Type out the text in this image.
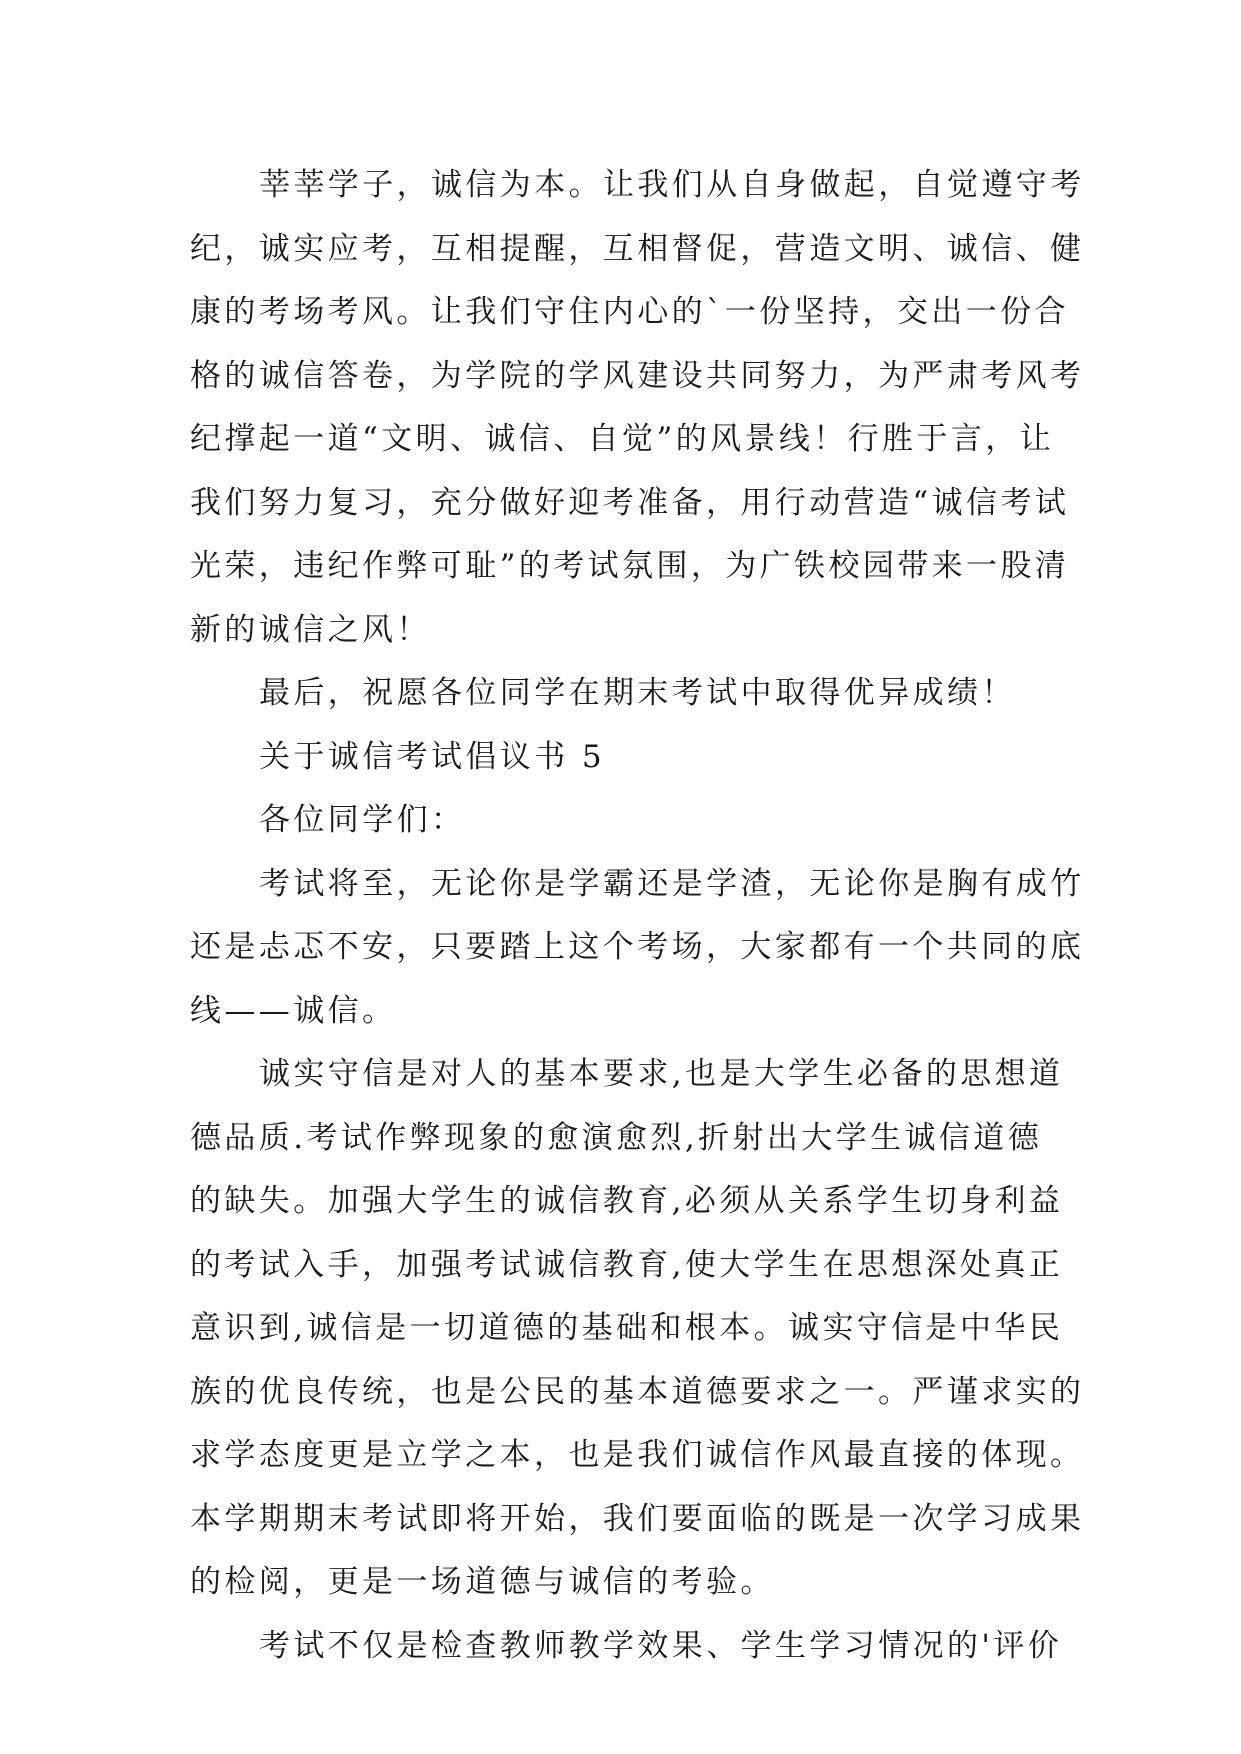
莘莘学子，诚信为本。让我们从自身做起，自觉遵守考

纪，诚实应考，互相提醒，互相督促，营造文明、诚信、健

康的考场考风。让我们守住内心的`一份坚持，交出一份合

格的诚信答卷，为学院的学风建设共同努力，为严肃考风考

纪撑起一道“文明、诚信、自觉”的风景线！行胜于言，让

我们努力复习，充分做好迎考准备，用行动营造“诚信考试

光荣，违纪作弊可耻”的考试氛围，为广铁校园带来一股清

新的诚信之风！

最后，祝愿各位同学在期末考试中取得优异成绩！

关于诚信考试倡议书 5

各位同学们：

考试将至，无论你是学霸还是学渣，无论你是胸有成竹

还是忐忑不安，只要踏上这个考场，大家都有一个共同的底

线——诚信。

诚实守信是对人的基本要求,也是大学生必备的思想道

德品质.考试作弊现象的愈演愈烈,折射出大学生诚信道德

的缺失。加强大学生的诚信教育,必须从关系学生切身利益

的考试入手，加强考试诚信教育,使大学生在思想深处真正

意识到,诚信是一切道德的基础和根本。诚实守信是中华民

族的优良传统，也是公民的基本道德要求之一。严谨求实的

求学态度更是立学之本，也是我们诚信作风最直接的体现。

本学期期末考试即将开始，我们要面临的既是一次学习成果

的检阅，更是一场道德与诚信的考验。

考试不仅是检查教师教学效果、学生学习情况的'评价
